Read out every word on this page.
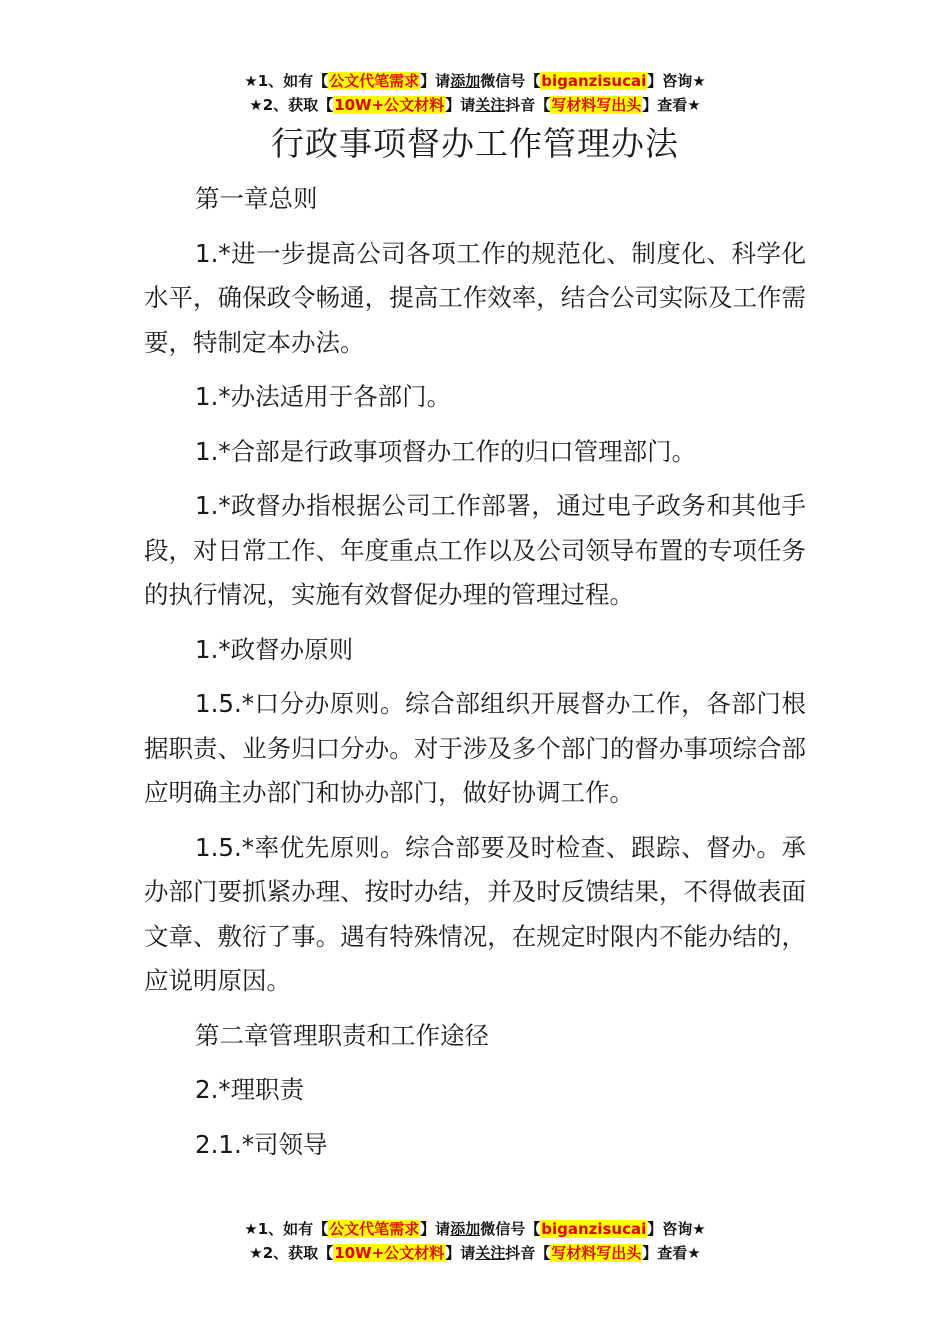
★1、如有【公文代笔需求】请添加微信号【biganzisucai】咨询★
★2、获取【10W+公文材料】请关注抖音【写材料写出头】查看★
行政事项督办工作管理办法

第一章总则

1.*进一步提高公司各项工作的规范化、制度化、科学化水平，确保政令畅通，提高工作效率，结合公司实际及工作需要，特制定本办法。

1.*办法适用于各部门。

1.*合部是行政事项督办工作的归口管理部门。

1.*政督办指根据公司工作部署，通过电子政务和其他手段，对日常工作、年度重点工作以及公司领导布置的专项任务的执行情况，实施有效督促办理的管理过程。

1.*政督办原则

1.5.*口分办原则。综合部组织开展督办工作，各部门根据职责、业务归口分办。对于涉及多个部门的督办事项综合部应明确主办部门和协办部门，做好协调工作。

1.5.*率优先原则。综合部要及时检查、跟踪、督办。承办部门要抓紧办理、按时办结，并及时反馈结果，不得做表面文章、敷衍了事。遇有特殊情况，在规定时限内不能办结的，应说明原因。

第二章管理职责和工作途径

2.*理职责

2.1.*司领导

★1、如有【公文代笔需求】请添加微信号【biganzisucai】咨询★
★2、获取【10W+公文材料】请关注抖音【写材料写出头】查看★
